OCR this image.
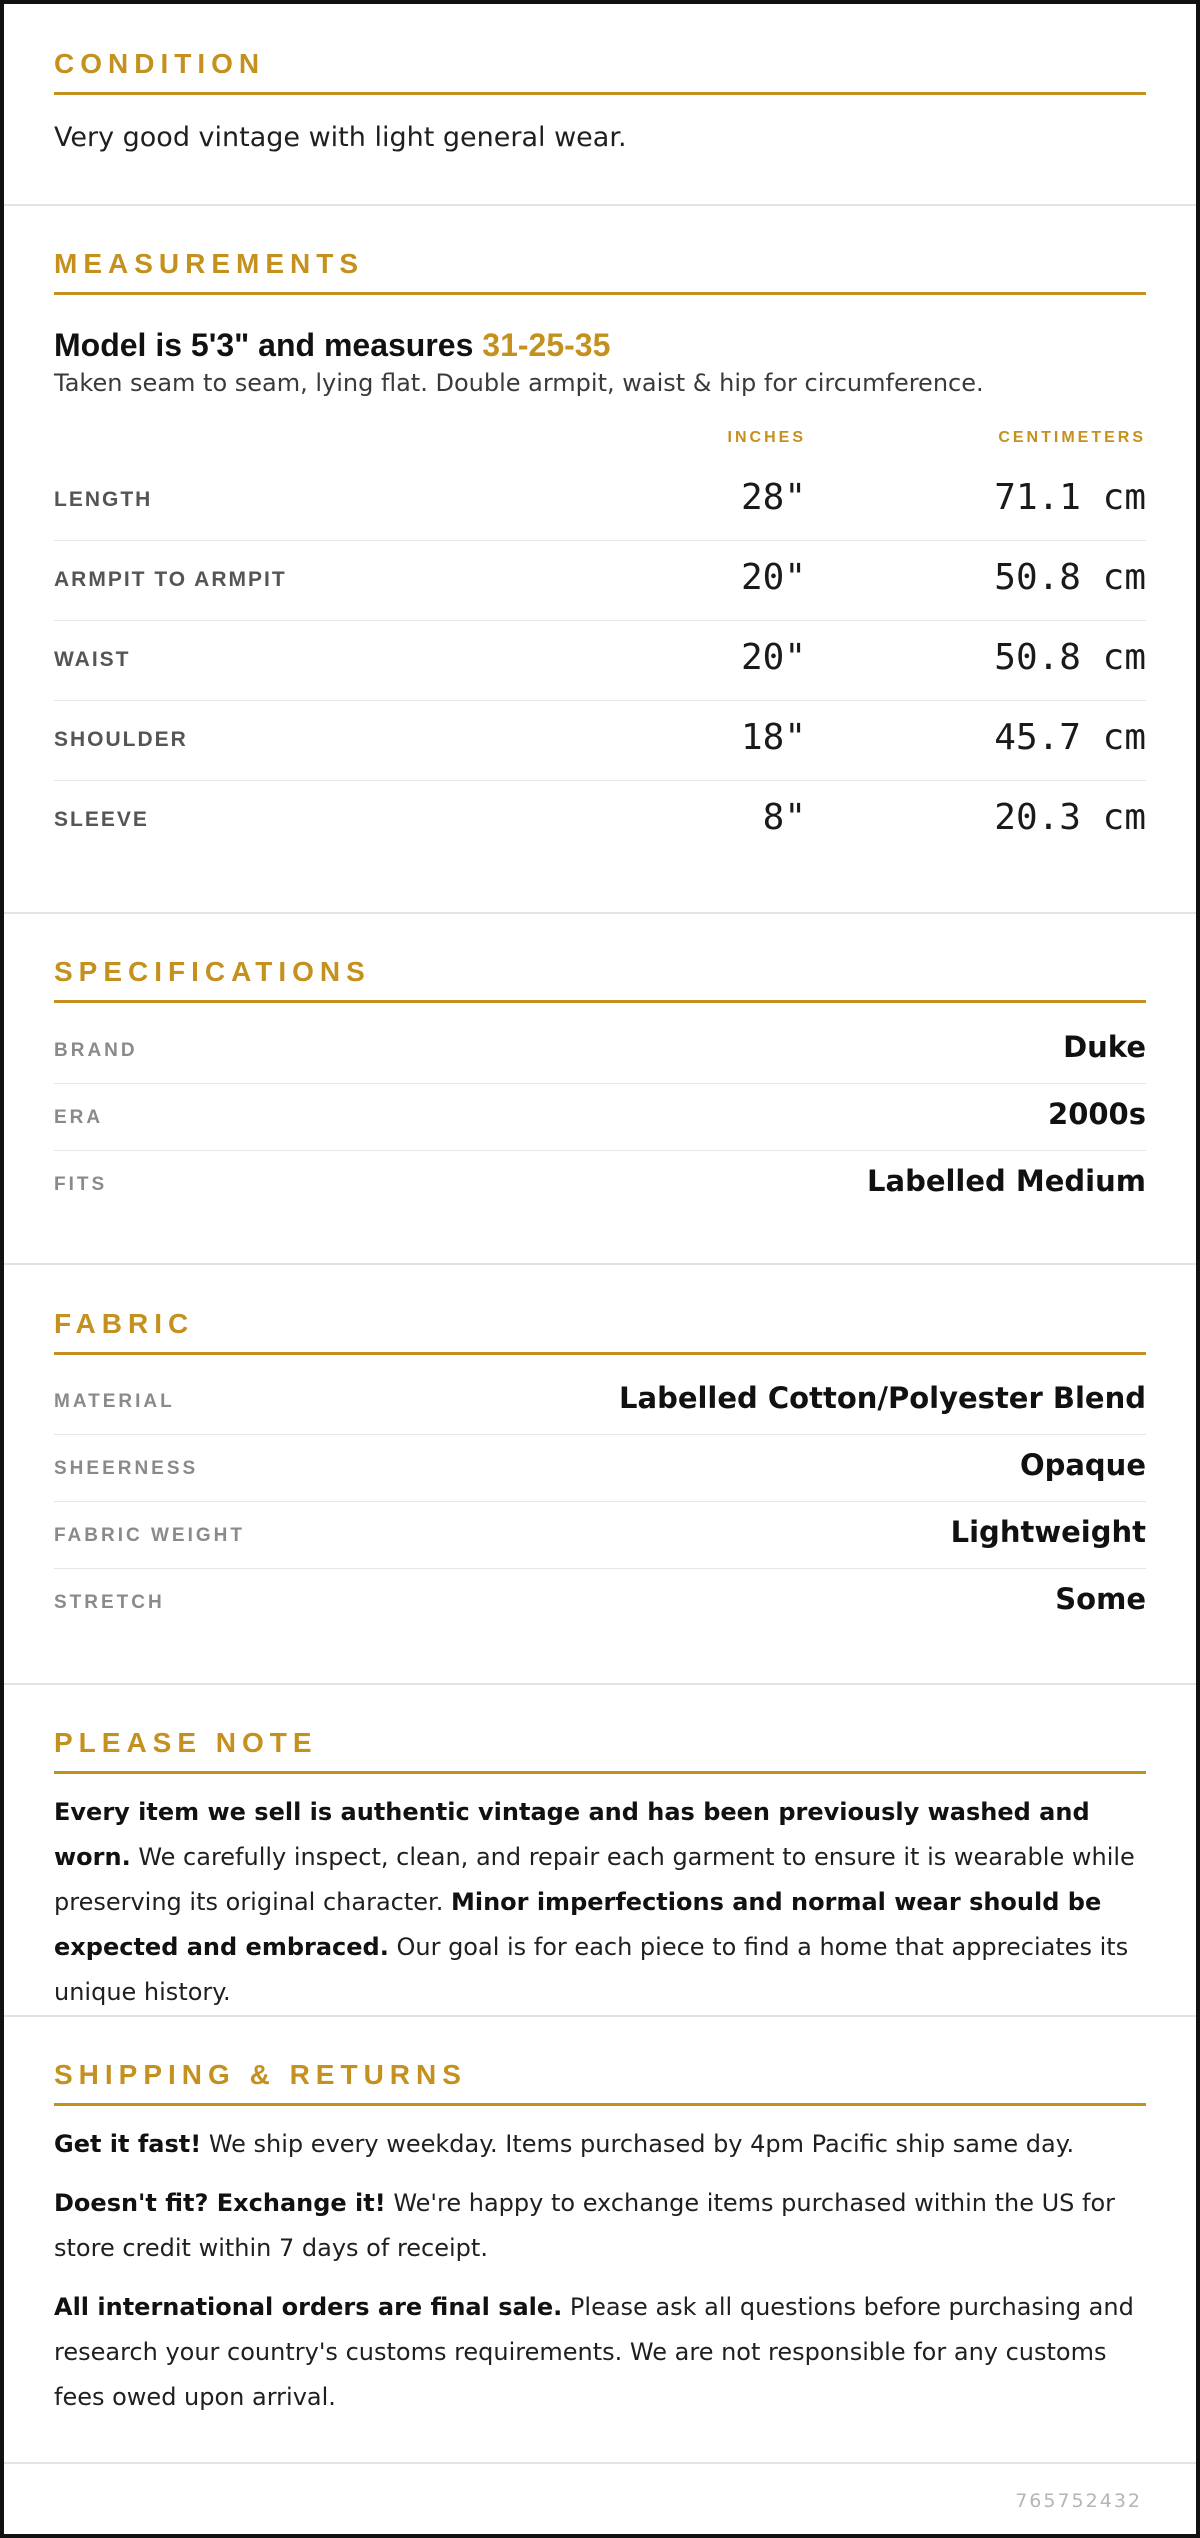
CONDITION
Very good vintage with light general wear.
MEASUREMENTS
Model is 5'3" and measures 31-25-35
Taken seam to seam, lying flat. Double armpit, waist & hip for circumference.
INCHES	CENTIMETERS
LENGTH	28"	71.1 cm
ARMPIT TO ARMPIT	20"	50.8 cm
WAIST	20"	50.8 cm
SHOULDER	18"	45.7 cm
SLEEVE	8"	20.3 cm
SPECIFICATIONS
BRAND	Duke
ERA	2000s
FITS	Labelled Medium
FABRIC
MATERIAL	Labelled Cotton/Polyester Blend
SHEERNESS	Opaque
FABRIC WEIGHT	Lightweight
STRETCH	Some
PLEASE NOTE

Every item we sell is authentic vintage and has been previously washed and worn. We carefully inspect, clean, and repair each garment to ensure it is wearable while preserving its original character. Minor imperfections and normal wear should be expected and embraced. Our goal is for each piece to find a home that appreciates its unique history.

SHIPPING & RETURNS

Get it fast! We ship every weekday. Items purchased by 4pm Pacific ship same day.

Doesn't fit? Exchange it! We're happy to exchange items purchased within the US for store credit within 7 days of receipt.

All international orders are final sale. Please ask all questions before purchasing and research your country's customs requirements. We are not responsible for any customs fees owed upon arrival.

765752432
